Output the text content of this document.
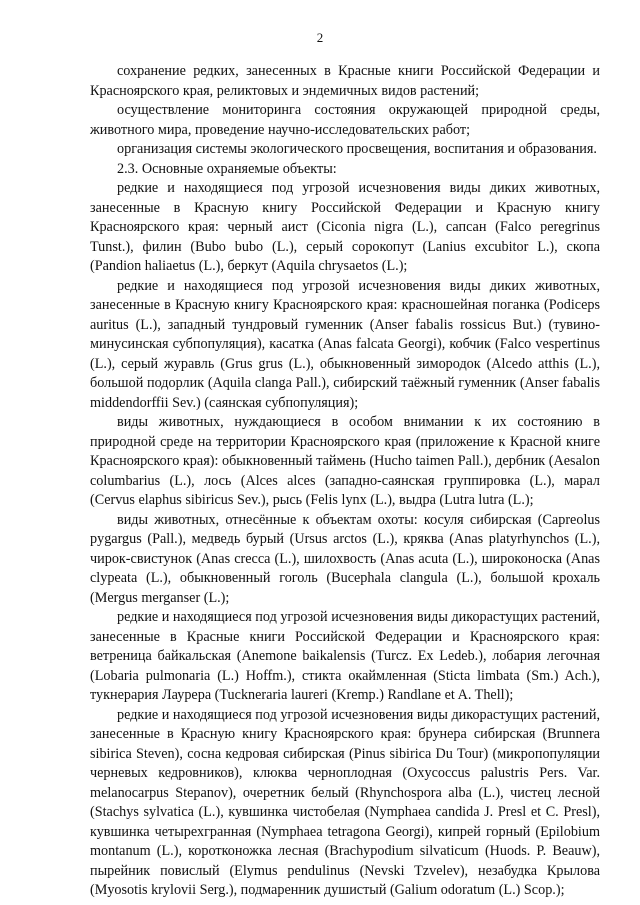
2

сохранение редких, занесенных в Красные книги Российской Федерации и Красноярского края, реликтовых и эндемичных видов растений;

осуществление мониторинга состояния окружающей природной среды, животного мира, проведение научно-исследовательских работ;

организация системы экологического просвещения, воспитания и образования.

2.3. Основные охраняемые объекты:

редкие и находящиеся под угрозой исчезновения виды диких животных, занесенные в Красную книгу Российской Федерации и Красную книгу Красноярского края: черный аист (Ciconia nigra (L.), сапсан (Falco peregrinus Tunst.), филин (Bubo bubo (L.), серый сорокопут (Lanius excubitor L.), скопа (Pandion haliaetus (L.), беркут (Aquila chrysaetos (L.);

редкие и находящиеся под угрозой исчезновения виды диких животных, занесенные в Красную книгу Красноярского края: красношейная поганка (Podiceps auritus (L.), западный тундровый гуменник (Anser fabalis rossicus But.) (тувино-минусинская субпопуляция), касатка (Anas falcata Georgi), кобчик (Falco vespertinus (L.), серый журавль (Grus grus (L.), обыкновенный зимородок (Alcedo atthis (L.), большой подорлик (Aquila clanga Pall.), сибирский таёжный гуменник (Anser fabalis middendorffii Sev.) (саянская субпопуляция);

виды животных, нуждающиеся в особом внимании к их состоянию в природной среде на территории Красноярского края (приложение к Красной книге Красноярского края): обыкновенный таймень (Hucho taimen Pall.), дербник (Aesalon columbarius (L.), лось (Alces alces (западно-саянская группировка (L.), марал (Cervus elaphus sibiricus Sev.), рысь (Felis lynx (L.), выдра (Lutra lutra (L.);

виды животных, отнесённые к объектам охоты: косуля сибирская (Capreolus pygargus (Pall.), медведь бурый (Ursus arctos (L.), кряква (Anas platyrhynchos (L.), чирок-свистунок (Anas crecca (L.), шилохвость (Anas acuta (L.), широконоска (Anas clypeata (L.), обыкновенный гоголь (Bucephala clangula (L.), большой крохаль (Mergus merganser (L.);

редкие и находящиеся под угрозой исчезновения виды дикорастущих растений, занесенные в Красные книги Российской Федерации и Красноярского края: ветреница байкальская (Anemone baikalensis (Turcz. Ex Ledeb.), лобария легочная (Lobaria pulmonaria (L.) Hoffm.), стикта окаймленная (Sticta limbata (Sm.) Ach.), тукнерария Лаурера (Tuckneraria laureri (Kremp.) Randlane et A. Thell);

редкие и находящиеся под угрозой исчезновения виды дикорастущих растений, занесенные в Красную книгу Красноярского края: брунера сибирская (Brunnera sibirica Steven), сосна кедровая сибирская (Pinus sibirica Du Tour) (микропопуляции черневых кедровников), клюква черноплодная (Oxycoccus palustris Pers. Var. melanocarpus Stepanov), очеретник белый (Rhynchospora alba (L.), чистец лесной (Stachys sylvatica (L.), кувшинка чистобелая (Nymphaea candida J. Presl et C. Presl), кувшинка четырехгранная (Nymphaea tetragona Georgi), кипрей горный (Epilobium montanum (L.), коротконожка лесная (Brachypodium silvaticum (Huods. P. Beauw), пырейник повислый (Elymus pendulinus (Nevski Tzvelev), незабудка Крылова (Myosotis krylovii Serg.), подмаренник душистый (Galium odoratum (L.) Scop.);
